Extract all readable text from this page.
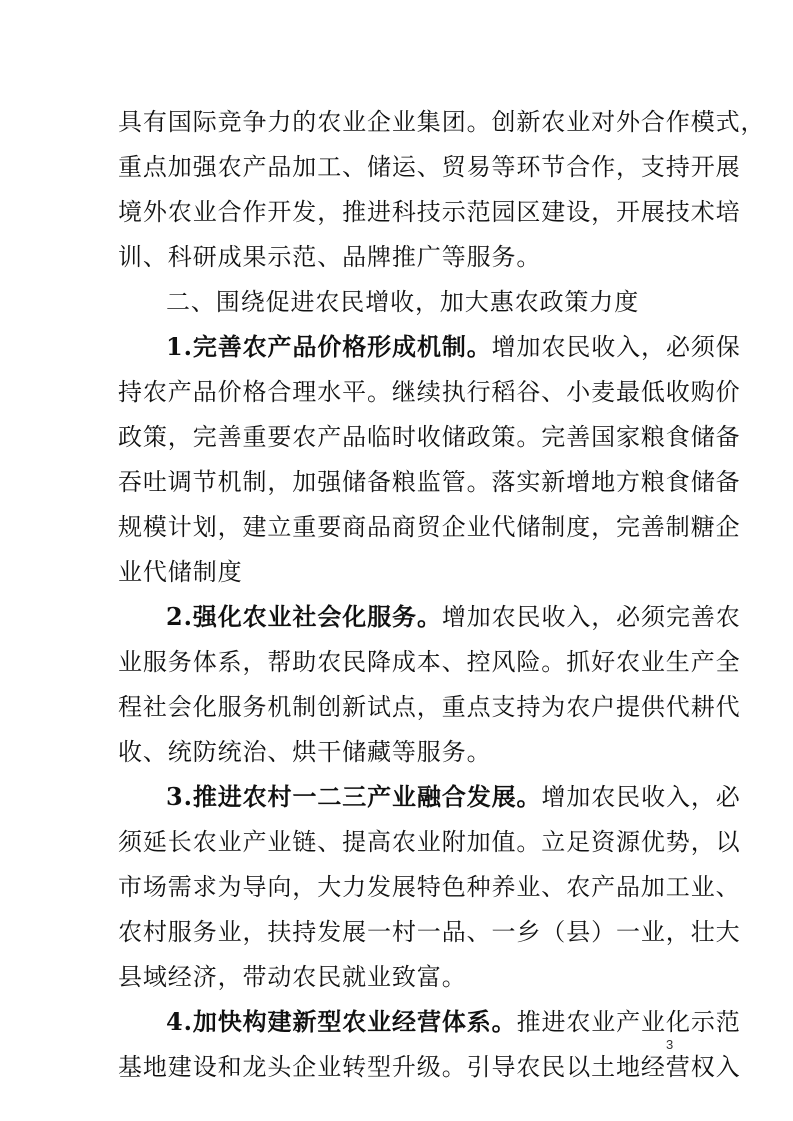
具有国际竞争力的农业企业集团。创新农业对外合作模式，
重点加强农产品加工、储运、贸易等环节合作，支持开展
境外农业合作开发，推进科技示范园区建设，开展技术培
训、科研成果示范、品牌推广等服务。
二、围绕促进农民增收，加大惠农政策力度
1.完善农产品价格形成机制。增加农民收入，必须保
持农产品价格合理水平。继续执行稻谷、小麦最低收购价
政策，完善重要农产品临时收储政策。完善国家粮食储备
吞吐调节机制，加强储备粮监管。落实新增地方粮食储备
规模计划，建立重要商品商贸企业代储制度，完善制糖企
业代储制度
2.强化农业社会化服务。增加农民收入，必须完善农
业服务体系，帮助农民降成本、控风险。抓好农业生产全
程社会化服务机制创新试点，重点支持为农户提供代耕代
收、统防统治、烘干储藏等服务。
3.推进农村一二三产业融合发展。增加农民收入，必
须延长农业产业链、提高农业附加值。立足资源优势，以
市场需求为导向，大力发展特色种养业、农产品加工业、
农村服务业，扶持发展一村一品、一乡（县）一业，壮大
县域经济，带动农民就业致富。
4.加快构建新型农业经营体系。推进农业产业化示范
基地建设和龙头企业转型升级。引导农民以土地经营权入
3
